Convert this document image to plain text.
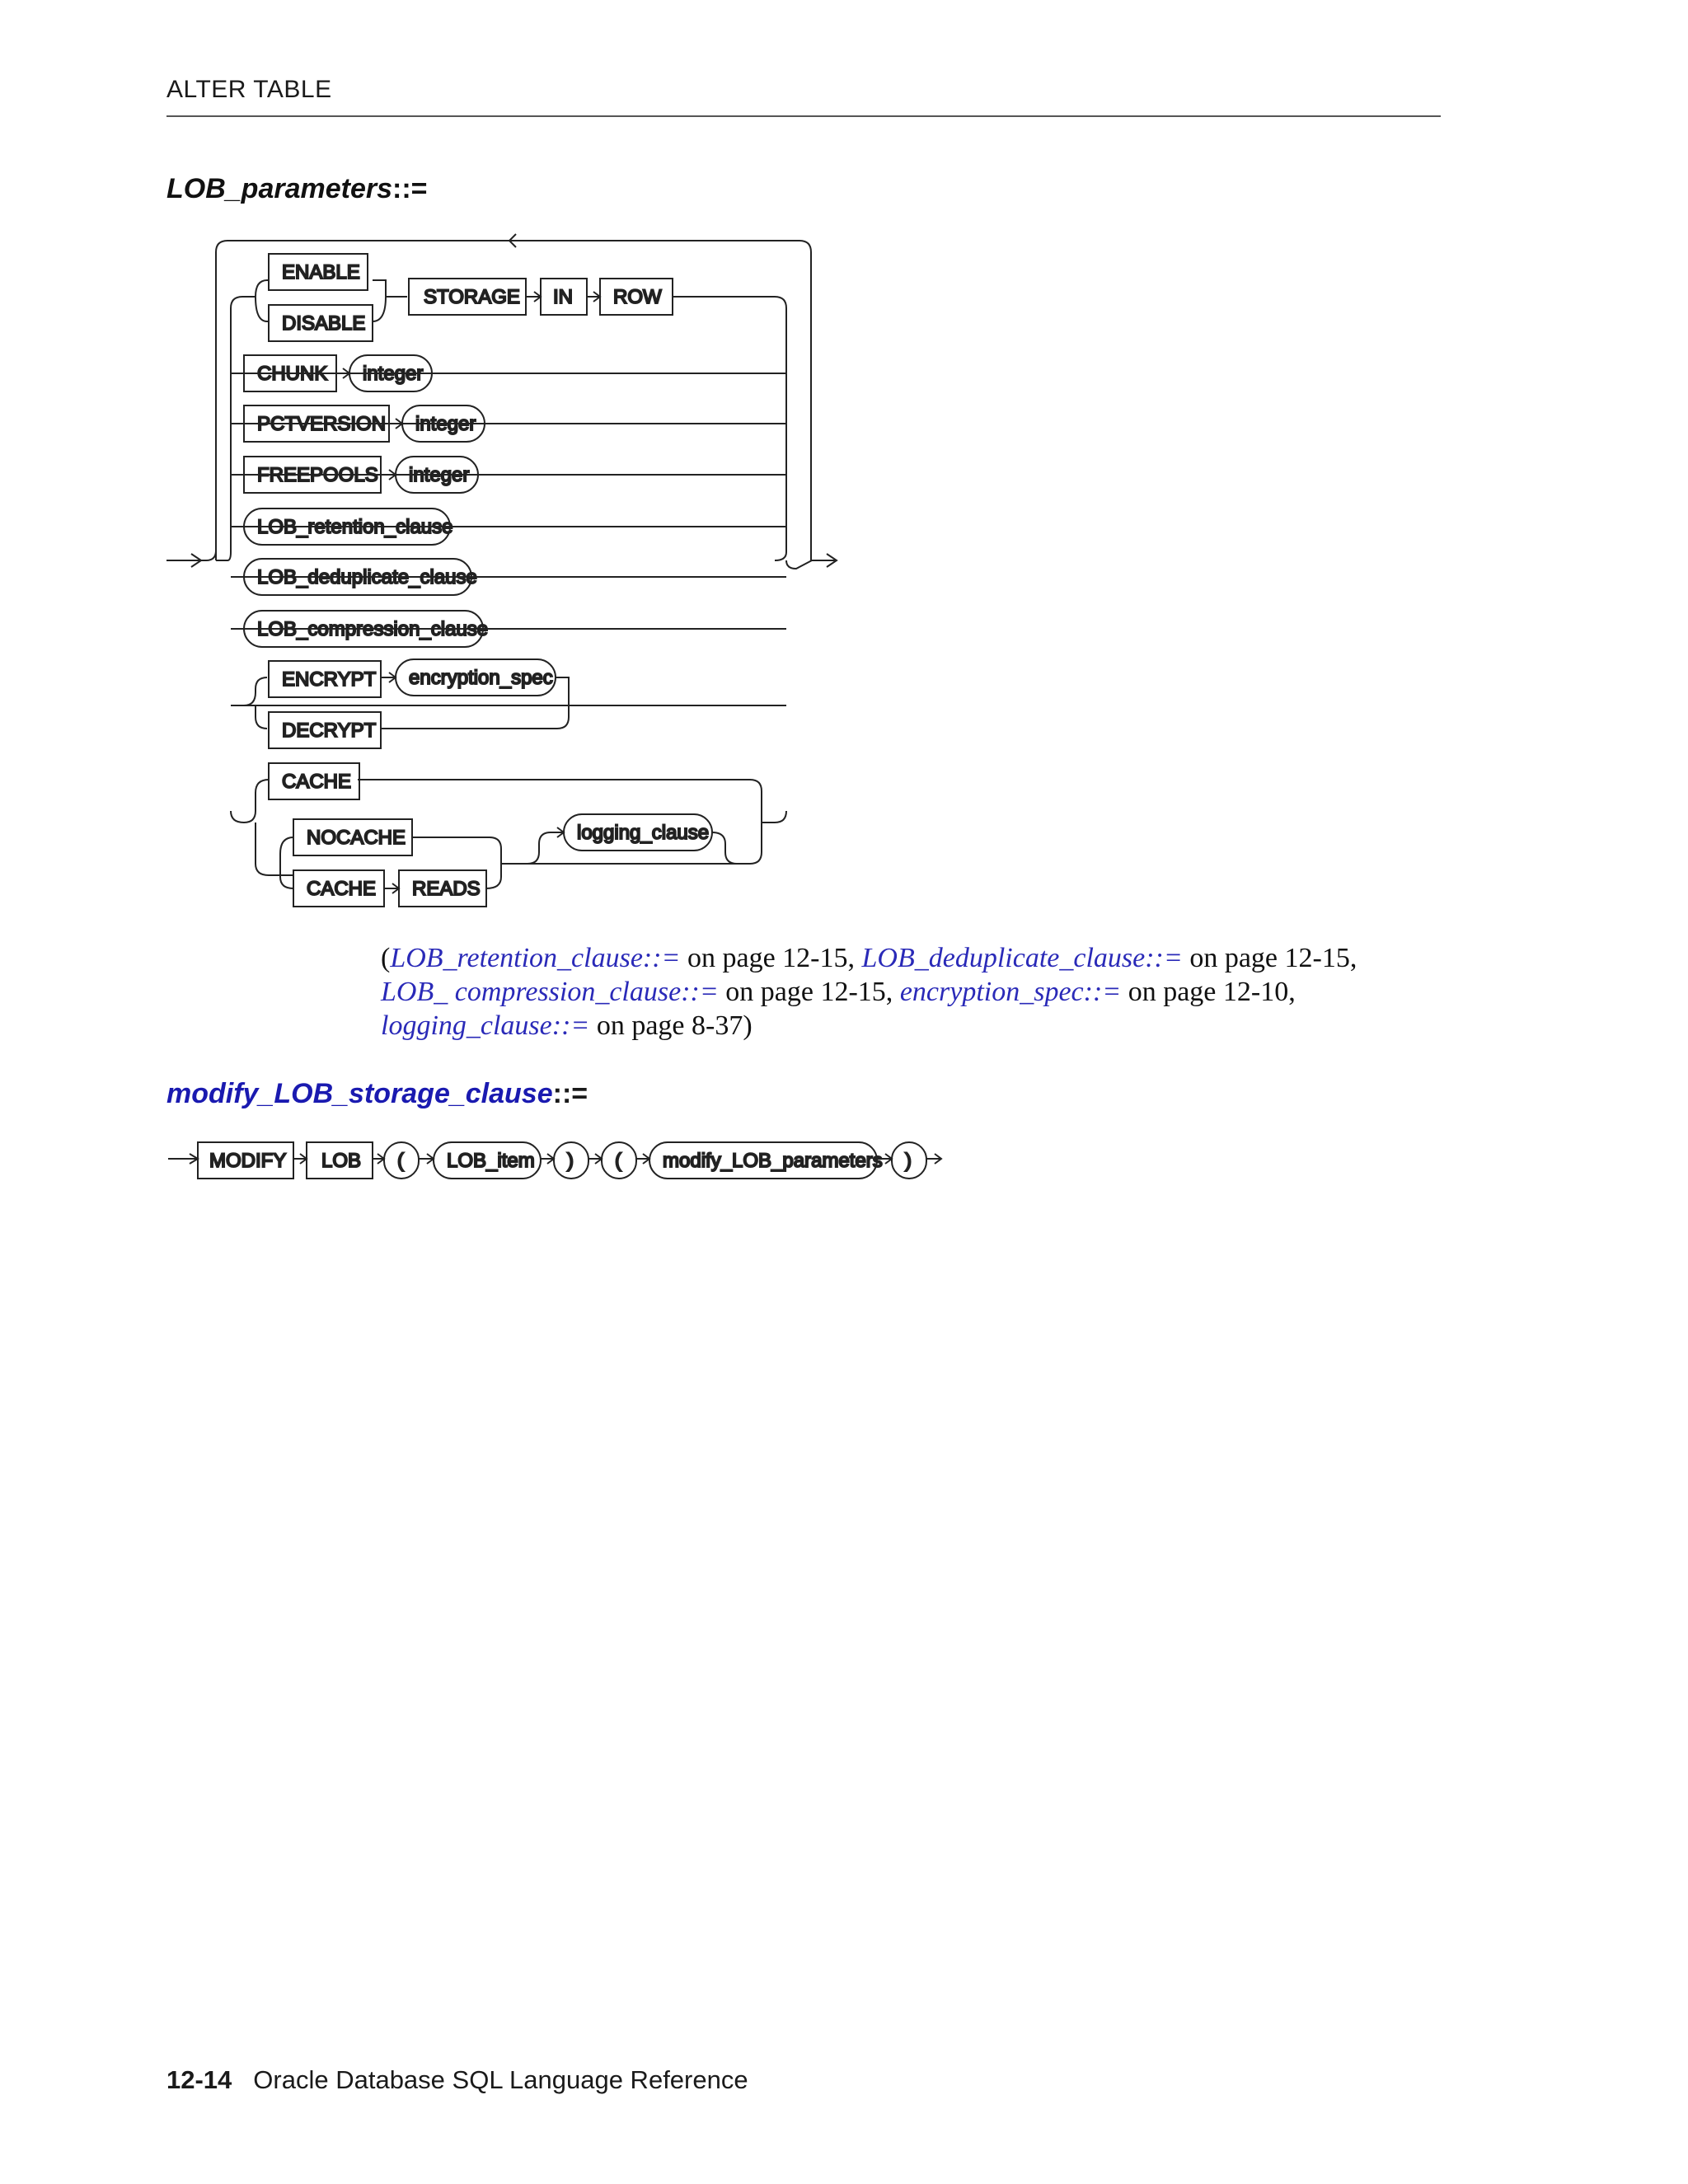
ALTER TABLE
LOB_parameters::=
ENABLE
DISABLE
STORAGE IN ROW
CHUNK integer
PCTVERSION integer
FREEPOOLS integer
LOB_retention_clause
LOB_deduplicate_clause
LOB_compression_clause
ENCRYPT encryption_spec
DECRYPT
CACHE
NOCACHE
CACHE READS
logging_clause
(LOB_retention_clause::= on page 12-15, LOB_deduplicate_clause::= on page 12-15, LOB_ compression_clause::= on page 12-15, encryption_spec::= on page 12-10, logging_clause::= on page 8-37)
modify_LOB_storage_clause::=
MODIFY LOB ( LOB_item ) ( modify_LOB_parameters )
12-14 Oracle Database SQL Language Reference
